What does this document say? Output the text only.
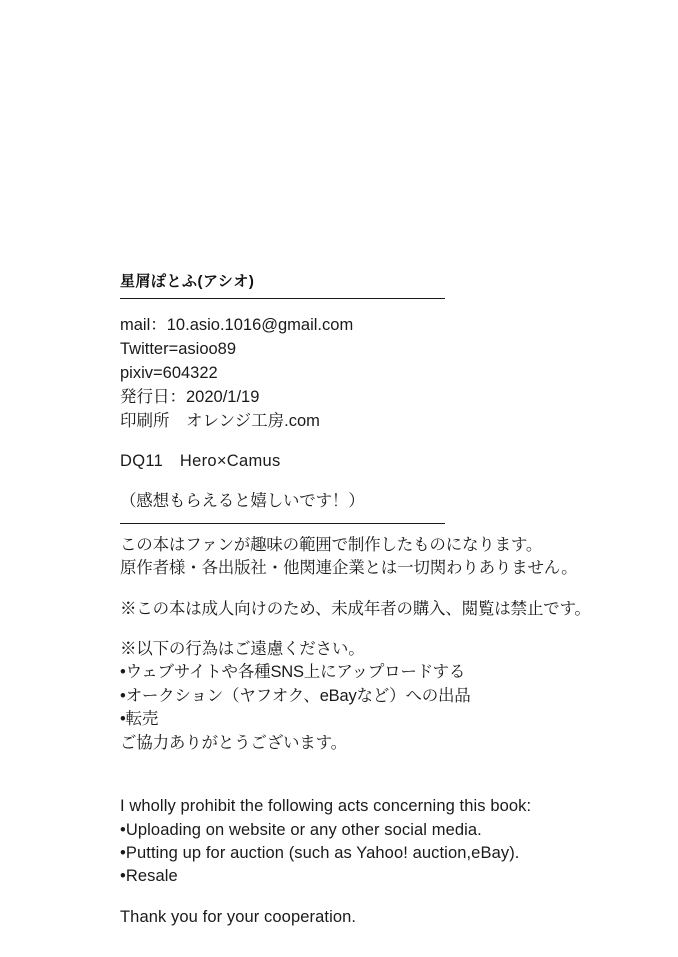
星屑ぽとふ(アシオ)
mail：10.asio.1016@gmail.com
Twitter=asioo89
pixiv=604322
発行日：2020/1/19
印刷所　オレンジ工房.com
DQ11　Hero×Camus
（感想もらえると嬉しいです！）
この本はファンが趣味の範囲で制作したものになります。
原作者様・各出版社・他関連企業とは一切関わりありません。
※この本は成人向けのため、未成年者の購入、閲覧は禁止です。
※以下の行為はご遠慮ください。
•ウェブサイトや各種SNS上にアップロードする
•オークション（ヤフオク、eBayなど）への出品
•転売
ご協力ありがとうございます。
I wholly prohibit the following acts concerning this book:
•Uploading on website or any other social media.
•Putting up for auction (such as Yahoo! auction,eBay).
•Resale
Thank you for your cooperation.
